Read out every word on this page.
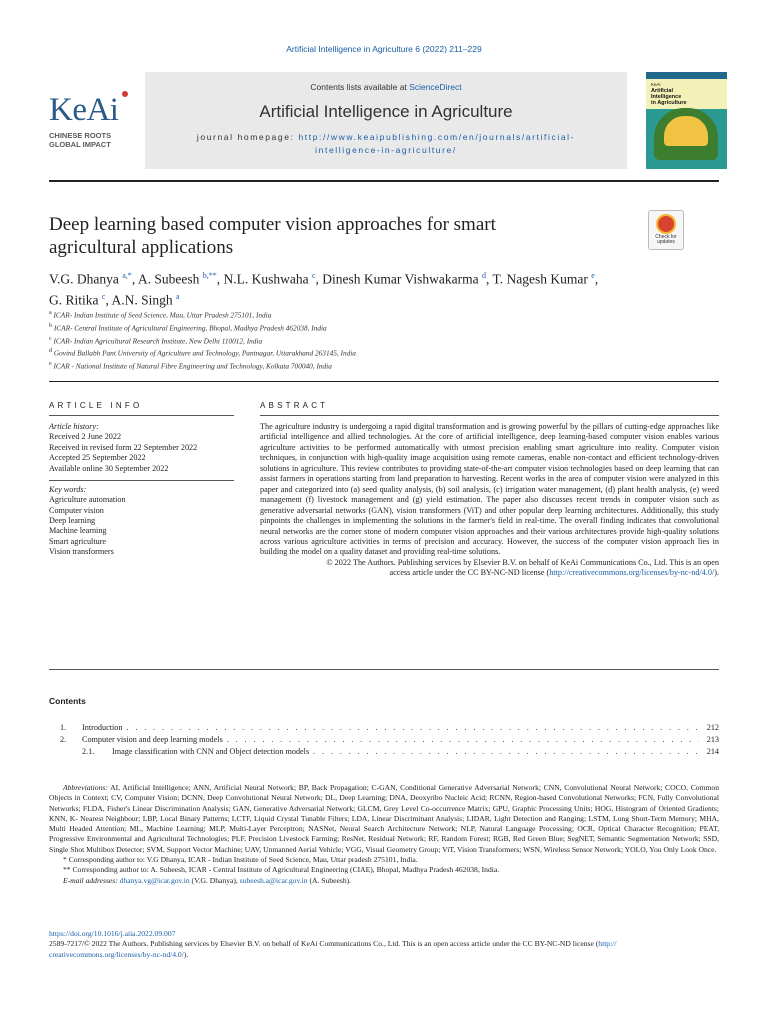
Artificial Intelligence in Agriculture 6 (2022) 211–229
KeAi
CHINESE ROOTS
GLOBAL IMPACT
Contents lists available at ScienceDirect
Artificial Intelligence in Agriculture
journal homepage: http://www.keaipublishing.com/en/journals/artificial-
intelligence-in-agriculture/
KeAi
Artificial
Intelligence
in Agriculture
Deep learning based computer vision approaches for smart
agricultural applications	Check for updates
V.G. Dhanya $^{a,*}$, A. Subeesh $^{b,**}$, N.L. Kushwaha $^c$, Dinesh Kumar Vishwakarma $^d$, T. Nagesh Kumar $^e$,
G. Ritika $^c$, A.N. Singh $^a$
$^a$ ICAR- Indian Institute of Seed Science, Mau, Uttar Pradesh 275101, India
$^b$ ICAR- Central Institute of Agricultural Engineering, Bhopal, Madhya Pradesh 462038, India
$^c$ ICAR- Indian Agricultural Research Institute, New Delhi 110012, India
$^d$ Govind Ballabh Pant University of Agriculture and Technology, Pantnagar, Uttarakhand 263145, India
$^e$ ICAR - National Institute of Natural Fibre Engineering and Technology, Kolkata 700040, India
ARTICLE INFO	ABSTRACT
Article history:
Received 2 June 2022
Received in revised form 22 September 2022
Accepted 25 September 2022
Available online 30 September 2022
Key words:
Agriculture automation
Computer vision
Deep learning
Machine learning
Smart agriculture
Vision transformers

The agriculture industry is undergoing a rapid digital transformation and is growing powerful by the pillars of cutting-edge approaches like artificial intelligence and allied technologies. At the core of artificial intelligence, deep learning-based computer vision enables various agriculture activities to be performed automatically with utmost precision enabling smart agriculture into reality. Computer vision techniques, in conjunction with high-quality image acquisition using remote cameras, enable non-contact and efficient technology-driven solutions in agriculture. This review contributes to providing state-of-the-art computer vision technologies based on deep learning that can assist farmers in operations starting from land preparation to harvesting. Recent works in the area of computer vision were analyzed in this paper and categorized into (a) seed quality analysis, (b) soil analysis, (c) irrigation water management, (d) plant health analysis, (e) weed management (f) livestock management and (g) yield estimation. The paper also discusses recent trends in computer vision such as generative adversarial networks (GAN), vision transformers (ViT) and other popular deep learning architectures. Additionally, this study pinpoints the challenges in implementing the solutions in the farmer's field in real-time. The overall finding indicates that convolutional neural networks are the corner stone of modern computer vision approaches and their various architectures provide high-quality solutions across various agriculture activities in terms of precision and accuracy. However, the success of the computer vision approach lies in building the model on a quality dataset and providing real-time solutions.

© 2022 The Authors. Publishing services by Elsevier B.V. on behalf of KeAi Communications Co., Ltd. This is an open
access article under the CC BY-NC-ND license (http://creativecommons.org/licenses/by-nc-nd/4.0/).

Contents
1.	Introduction . . .	212
2.	Computer vision and deep learning models . . .	213
2.1.	Image classification with CNN and Object detection models . . .	214

Abbreviations: AI, Artificial Intelligence; ANN, Artificial Neural Network; BP, Back Propagation; C-GAN, Conditional Generative Adversarial Network; CNN, Convolutional Neural Network; COCO, Common Objects in Context; CV, Computer Vision; DCNN, Deep Convolutional Neural Network; DL, Deep Learning; DNA, Deoxyribo Nucleic Acid; RCNN, Region-based Convolutional Networks; FCN, Fully Convolutional Networks; FLDA, Fisher's Linear Discrimination Analysis; GAN, Generative Adversarial Network; GLCM, Grey Level Co-occurrence Matrix; GPU, Graphic Processing Units; HOG, Histogram of Oriented Gradients; KNN, K- Nearest Neighbour; LBP, Local Binary Patterns; LCTF, Liquid Crystal Tunable Filters; LDA, Linear Discriminant Analysis; LIDAR, Light Detection and Ranging; LSTM, Long Short-Term Memory; MHA, Multi Headed Attention; ML, Machine Learning; MLP, Multi-Layer Perceptron; NASNet, Neural Search Architecture Network; NLP, Natural Language Processing; OCR, Optical Character Recognition; PEAT, Progressive Environmental and Agricultural Technologies; PLF, Precision Livestock Farming; ResNet, Residual Network; RF, Random Forest; RGB, Red Green Blue; SegNET, Semantic Segmentation Network; SSD, Single Shot Multibox Detector; SVM, Support Vector Machine; UAV, Unmanned Aerial Vehicle; VGG, Visual Geometry Group; ViT, Vision Transformers; WSN, Wireless Sensor Network; YOLO, You Only Look Once.

* Corresponding author to: V.G Dhanya, ICAR - Indian Institute of Seed Science, Mau, Uttar pradesh 275101, India.

** Corresponding author to: A. Subeesh, ICAR - Central Institute of Agricultural Engineering (CIAE), Bhopal, Madhya Pradesh 462038, India.

E-mail addresses: dhanya.vg@icar.gov.in (V.G. Dhanya), subeesh.a@icar.gov.in (A. Subeesh).

https://doi.org/10.1016/j.aiia.2022.09.007

2589-7217/© 2022 The Authors. Publishing services by Elsevier B.V. on behalf of KeAi Communications Co., Ltd. This is an open access article under the CC BY-NC-ND license (http://
creativecommons.org/licenses/by-nc-nd/4.0/).
